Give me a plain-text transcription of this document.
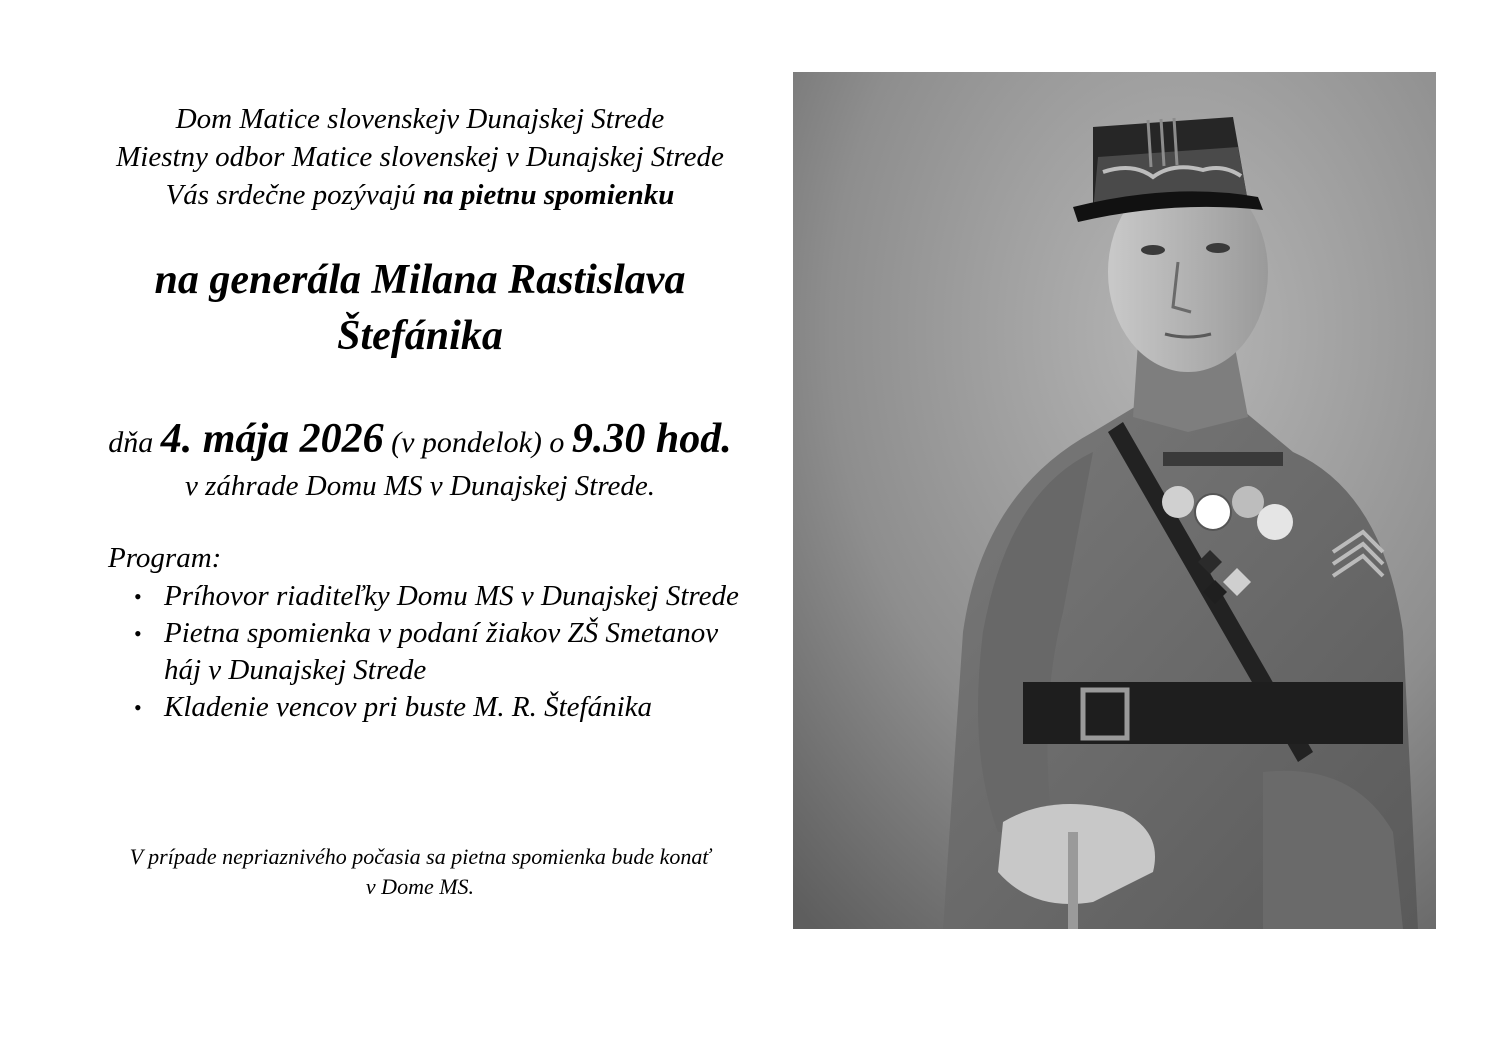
Dom Matice slovenskejv Dunajskej Strede
Miestny odbor Matice slovenskej v Dunajskej Strede
Vás srdečne pozývajú na pietnu spomienku
na generála Milana Rastislava
Štefánika
dňa 4. mája 2026 (v pondelok) o 9.30 hod.
v záhrade Domu MS v Dunajskej Strede.
Program:
• Príhovor riaditeľky Domu MS v Dunajskej Strede
• Pietna spomienka v podaní žiakov ZŠ Smetanov háj v Dunajskej Strede
• Kladenie vencov pri buste M. R. Štefánika
V prípade nepriaznivého počasia sa pietna spomienka bude konať
v Dome MS.
